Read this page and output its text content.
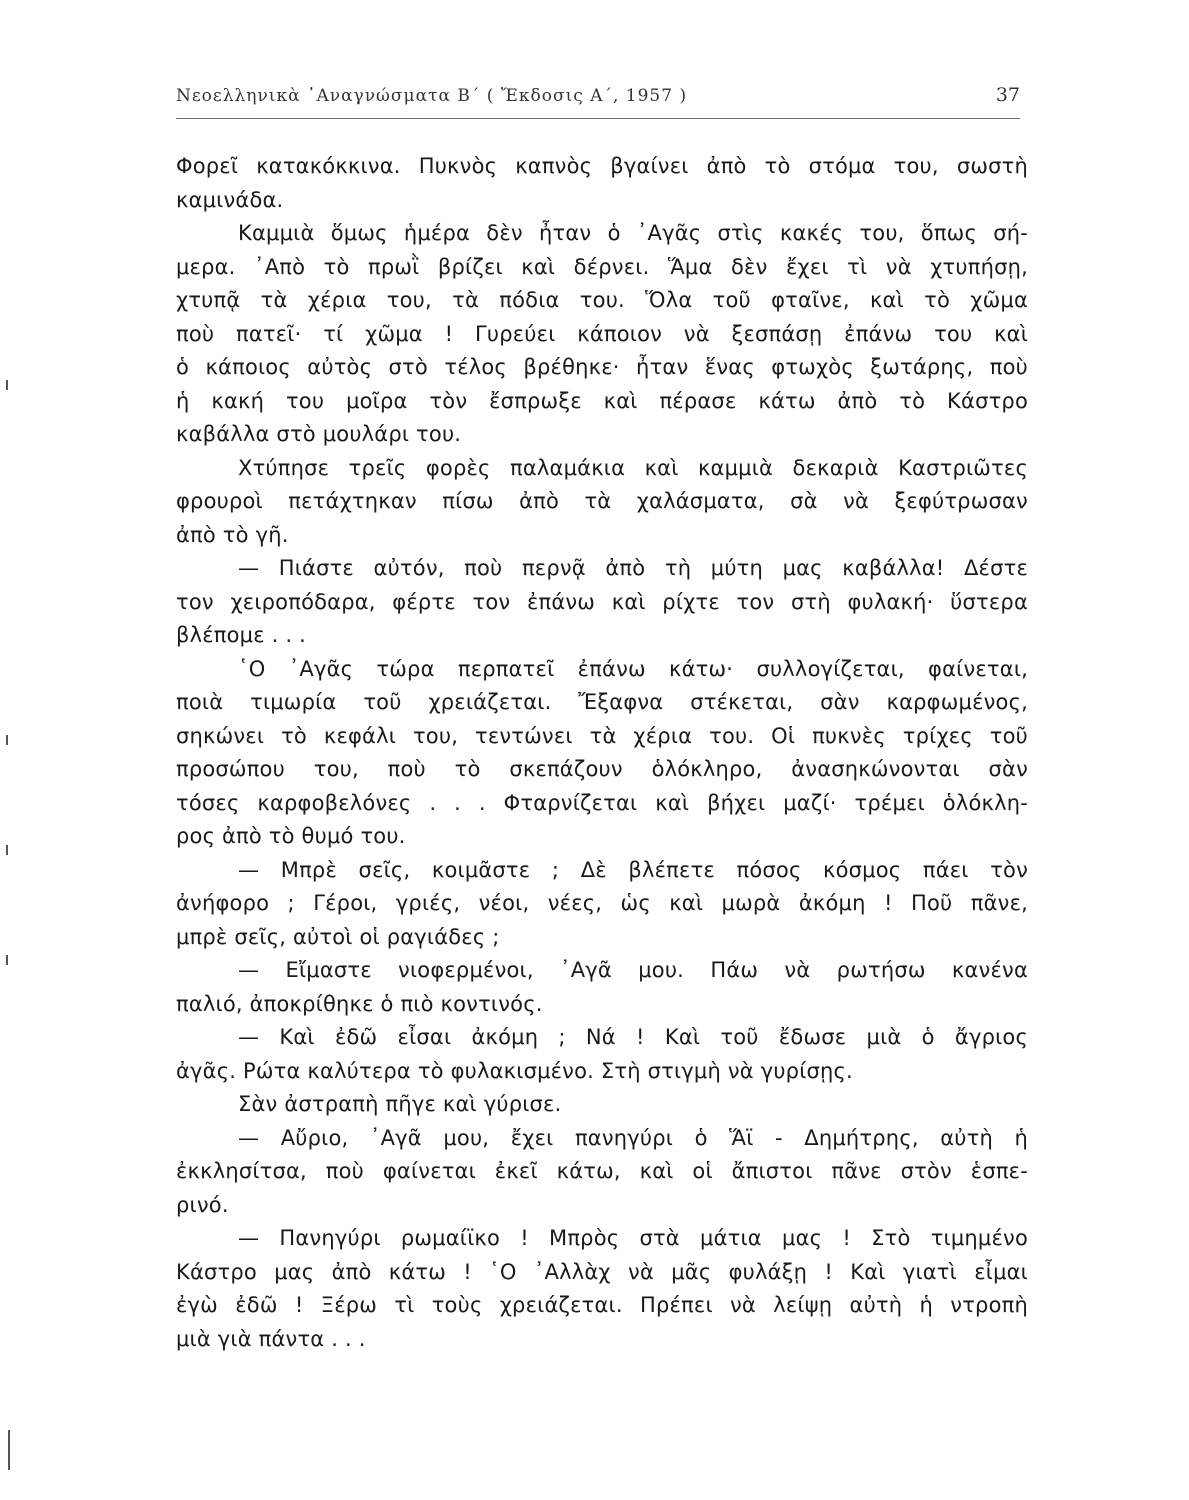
Νεοελληνικὰ ᾿Αναγνώσματα Β΄ ( Ἔκδοσις Α΄, 1957 )	37
Φορεῖ κατακόκκινα. Πυκνὸς καπνὸς βγαίνει ἀπὸ τὸ στόμα του, σωστὴ
καμινάδα.
Καμμιὰ ὅμως ἡμέρα δὲν ἦταν ὁ ᾿Αγᾶς στὶς κακές του, ὅπως σή-
μερα. ᾿Απὸ τὸ πρωῒ βρίζει καὶ δέρνει. Ἅμα δὲν ἔχει τὶ νὰ χτυπήσῃ,
χτυπᾷ τὰ χέρια του, τὰ πόδια του. Ὅλα τοῦ φταῖνε, καὶ τὸ χῶμα
ποὺ πατεῖ· τί χῶμα ! Γυρεύει κάποιον νὰ ξεσπάσῃ ἐπάνω του καὶ
ὁ κάποιος αὐτὸς στὸ τέλος βρέθηκε· ἦταν ἕνας φτωχὸς ξωτάρης, ποὺ
ἡ κακή του μοῖρα τὸν ἔσπρωξε καὶ πέρασε κάτω ἀπὸ τὸ Κάστρο
καβάλλα στὸ μουλάρι του.
Χτύπησε τρεῖς φορὲς παλαμάκια καὶ καμμιὰ δεκαριὰ Καστριῶτες
φρουροὶ πετάχτηκαν πίσω ἀπὸ τὰ χαλάσματα, σὰ νὰ ξεφύτρωσαν
ἀπὸ τὸ γῆ.
— Πιάστε αὐτόν, ποὺ περνᾷ ἀπὸ τὴ μύτη μας καβάλλα! Δέστε
τον χειροπόδαρα, φέρτε τον ἐπάνω καὶ ρίχτε τον στὴ φυλακή· ὕστερα
βλέπομε . . .
῾Ο ᾿Αγᾶς τώρα περπατεῖ ἐπάνω κάτω· συλλογίζεται, φαίνεται,
ποιὰ τιμωρία τοῦ χρειάζεται. Ἔξαφνα στέκεται, σὰν καρφωμένος,
σηκώνει τὸ κεφάλι του, τεντώνει τὰ χέρια του. Οἱ πυκνὲς τρίχες τοῦ
προσώπου του, ποὺ τὸ σκεπάζουν ὁλόκληρο, ἀνασηκώνονται σὰν
τόσες καρφοβελόνες . . . Φταρνίζεται καὶ βήχει μαζί· τρέμει ὁλόκλη-
ρος ἀπὸ τὸ θυμό του.
— Μπρὲ σεῖς, κοιμᾶστε ; Δὲ βλέπετε πόσος κόσμος πάει τὸν
ἀνήφορο ; Γέροι, γριές, νέοι, νέες, ὡς καὶ μωρὰ ἀκόμη ! Ποῦ πᾶνε,
μπρὲ σεῖς, αὐτοὶ οἱ ραγιάδες ;
— Εἴμαστε νιοφερμένοι, ᾿Αγᾶ μου. Πάω νὰ ρωτήσω κανένα
παλιό, ἀποκρίθηκε ὁ πιὸ κοντινός.
— Καὶ ἐδῶ εἶσαι ἀκόμη ; Νά ! Καὶ τοῦ ἔδωσε μιὰ ὁ ἄγριος
ἀγᾶς. Ρώτα καλύτερα τὸ φυλακισμένο. Στὴ στιγμὴ νὰ γυρίσῃς.
Σὰν ἀστραπὴ πῆγε καὶ γύρισε.
— Αὔριο, ᾿Αγᾶ μου, ἔχει πανηγύρι ὁ Ἅϊ - Δημήτρης, αὐτὴ ἡ
ἐκκλησίτσα, ποὺ φαίνεται ἐκεῖ κάτω, καὶ οἱ ἄπιστοι πᾶνε στὸν ἑσπε-
ρινό.
— Πανηγύρι ρωμαίϊκο ! Μπρὸς στὰ μάτια μας ! Στὸ τιμημένο
Κάστρο μας ἀπὸ κάτω ! ῾Ο ᾿Αλλὰχ νὰ μᾶς φυλάξῃ ! Καὶ γιατὶ εἶμαι
ἐγὼ ἐδῶ ! Ξέρω τὶ τοὺς χρειάζεται. Πρέπει νὰ λείψῃ αὐτὴ ἡ ντροπὴ
μιὰ γιὰ πάντα . . .
